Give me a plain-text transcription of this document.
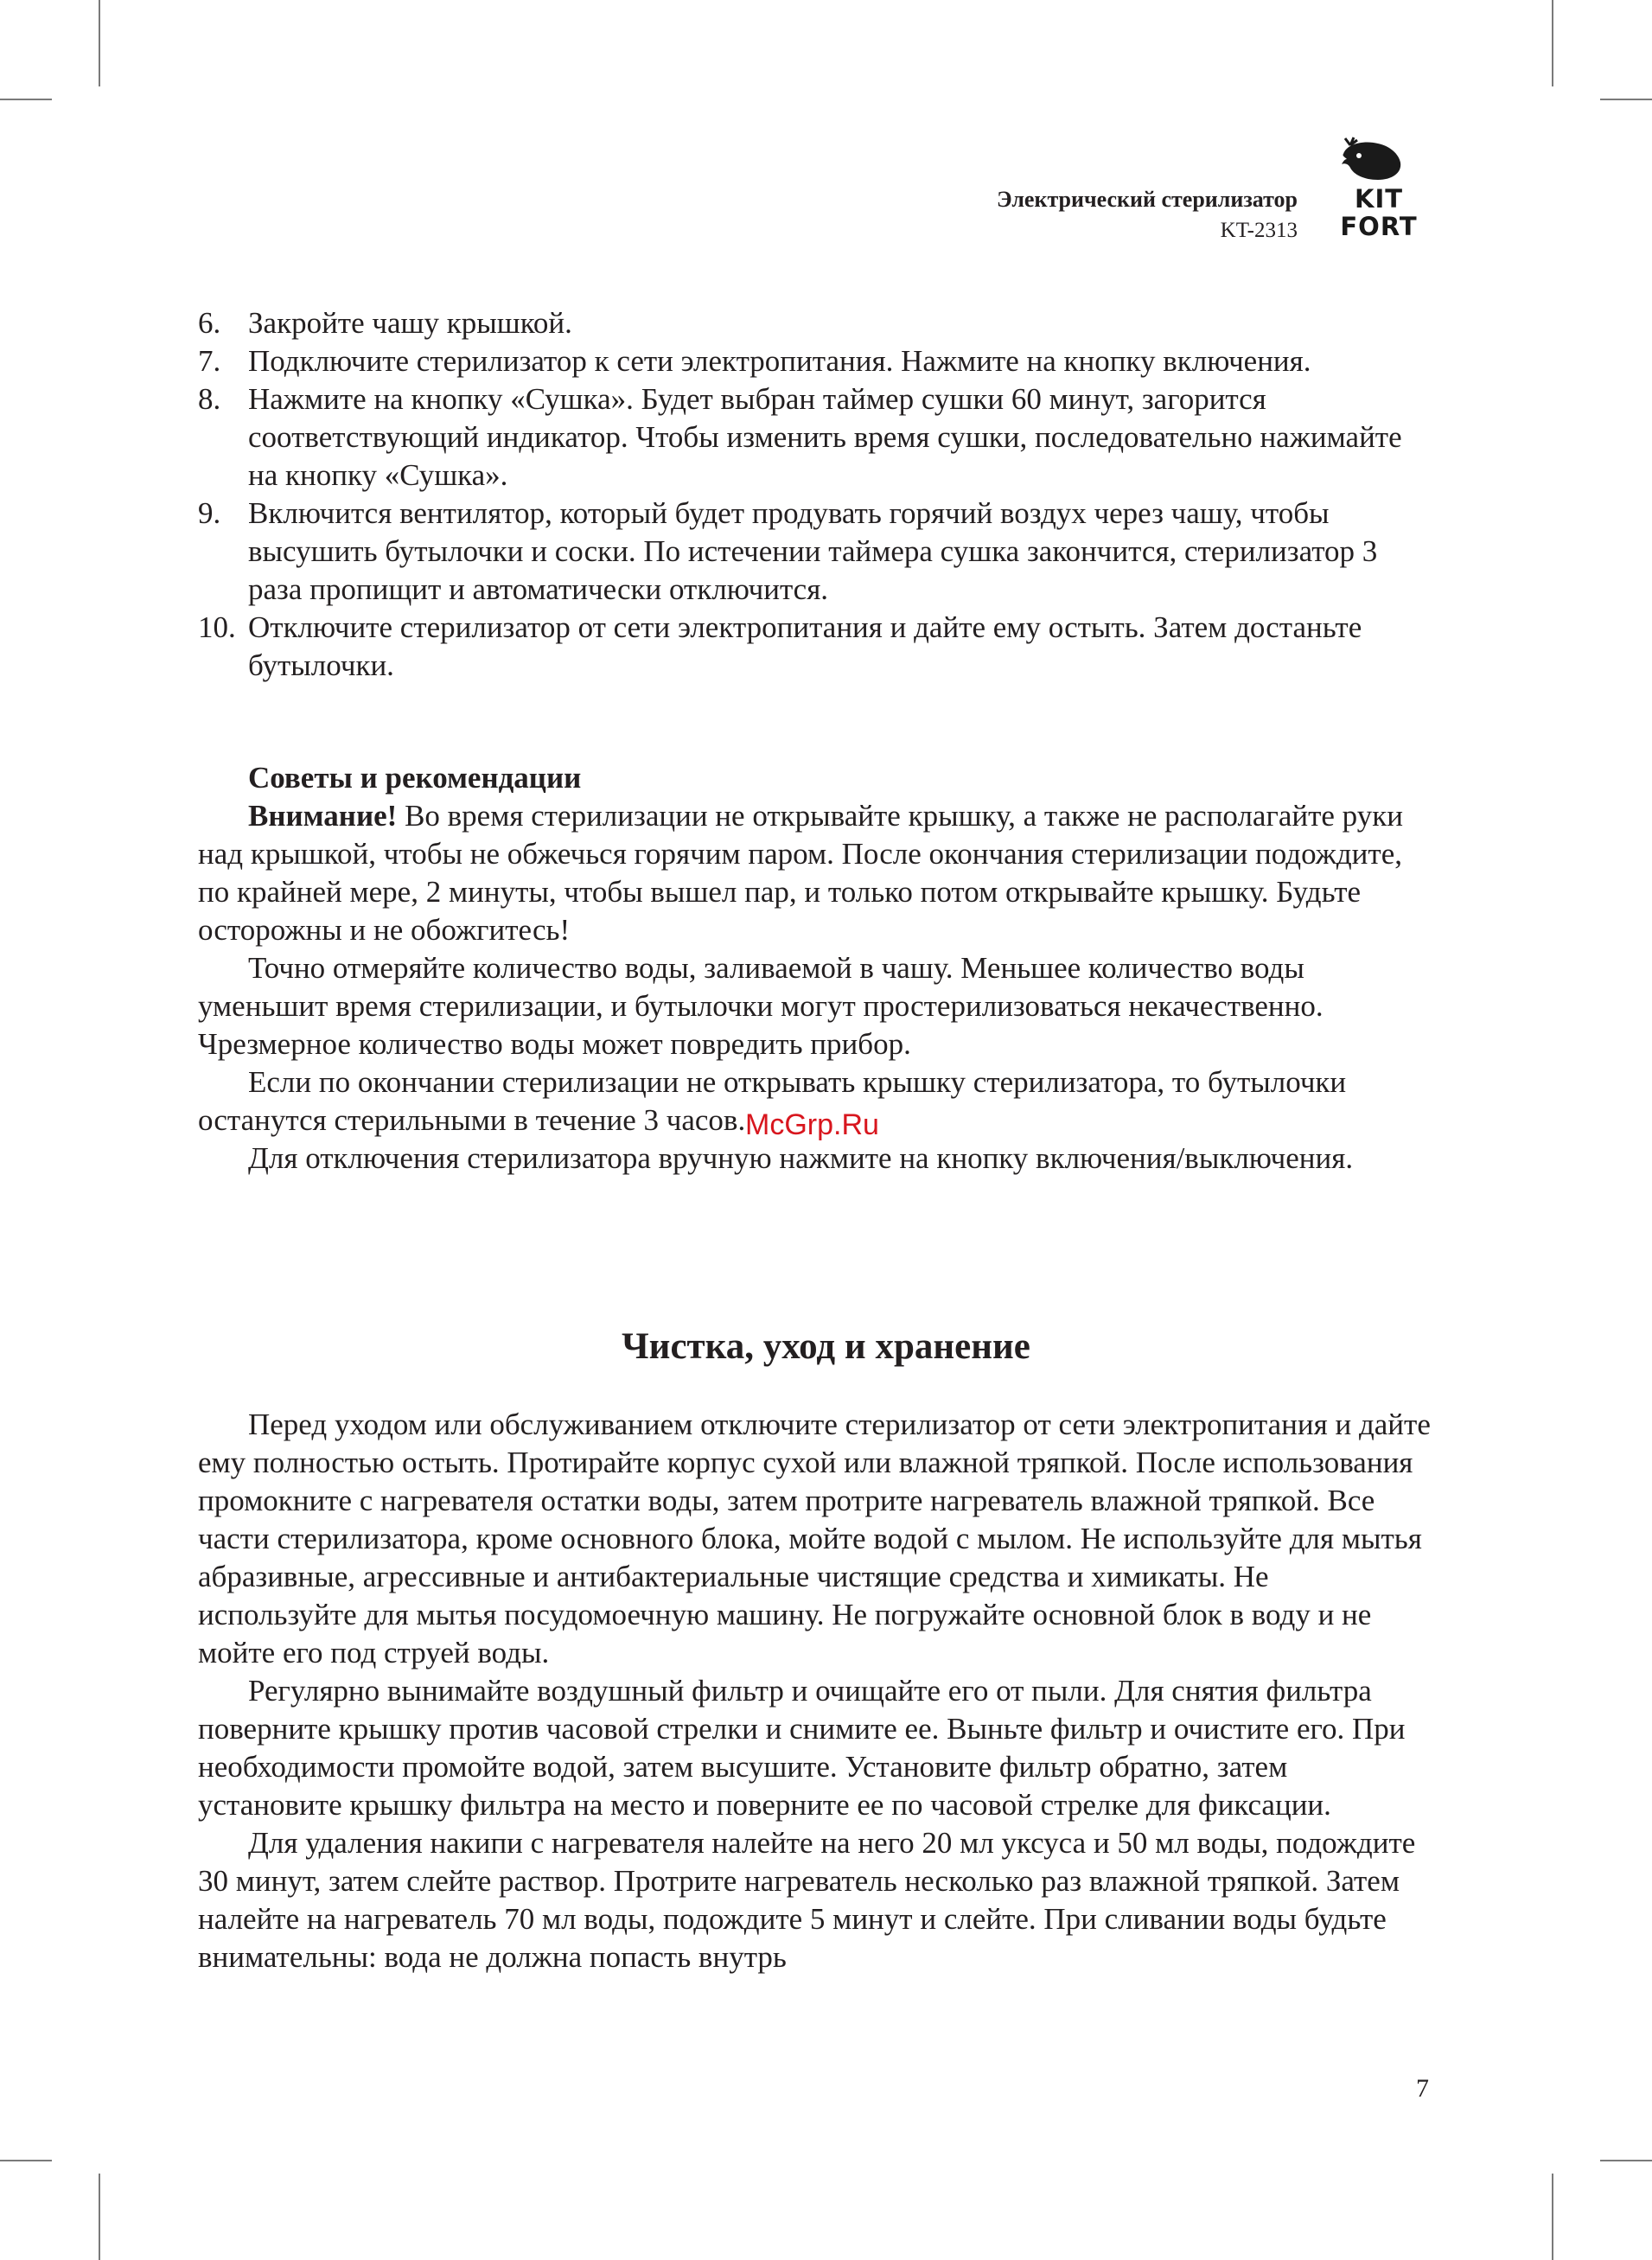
Электрический стерилизатор
KT-2313
KIT
FORT
6. Закройте чашу крышкой.
7. Подключите стерилизатор к сети электропитания. Нажмите на кнопку включения.
8. Нажмите на кнопку «Сушка». Будет выбран таймер сушки 60 минут, загорится соответствующий индикатор. Чтобы изменить время сушки, последовательно нажимайте на кнопку «Сушка».
9. Включится вентилятор, который будет продувать горячий воздух через чашу, чтобы высушить бутылочки и соски. По истечении таймера сушка закончится, стерилизатор 3 раза пропищит и автоматически отключится.
10. Отключите стерилизатор от сети электропитания и дайте ему остыть. Затем достаньте бутылочки.

Советы и рекомендации

Внимание! Во время стерилизации не открывайте крышку, а также не располагайте руки над крышкой, чтобы не обжечься горячим паром. После окончания стерилизации подождите, по крайней мере, 2 минуты, чтобы вышел пар, и только потом открывайте крышку. Будьте осторожны и не обожгитесь!

Точно отмеряйте количество воды, заливаемой в чашу. Меньшее количество воды уменьшит время стерилизации, и бутылочки могут простерилизоваться некачественно. Чрезмерное количество воды может повредить прибор.

Если по окончании стерилизации не открывать крышку стерилизатора, то бутылочки останутся стерильными в течение 3 часов.

Для отключения стерилизатора вручную нажмите на кнопку включения/выключения.

McGrp.Ru
Чистка, уход и хранение

Перед уходом или обслуживанием отключите стерилизатор от сети электропитания и дайте ему полностью остыть. Протирайте корпус сухой или влажной тряпкой. После использования промокните с нагревателя остатки воды, затем протрите нагреватель влажной тряпкой. Все части стерилизатора, кроме основного блока, мойте водой с мылом. Не используйте для мытья абразивные, агрессивные и антибактериальные чистящие средства и химикаты. Не используйте для мытья посудомоечную машину. Не погружайте основной блок в воду и не мойте его под струей воды.

Регулярно вынимайте воздушный фильтр и очищайте его от пыли. Для снятия фильтра поверните крышку против часовой стрелки и снимите ее. Выньте фильтр и очистите его. При необходимости промойте водой, затем высушите. Установите фильтр обратно, затем установите крышку фильтра на место и поверните ее по часовой стрелке для фиксации.

Для удаления накипи с нагревателя налейте на него 20 мл уксуса и 50 мл воды, подождите 30 минут, затем слейте раствор. Протрите нагреватель несколько раз влажной тряпкой. Затем налейте на нагреватель 70 мл воды, подождите 5 минут и слейте. При сливании воды будьте внимательны: вода не должна попасть внутрь

7
